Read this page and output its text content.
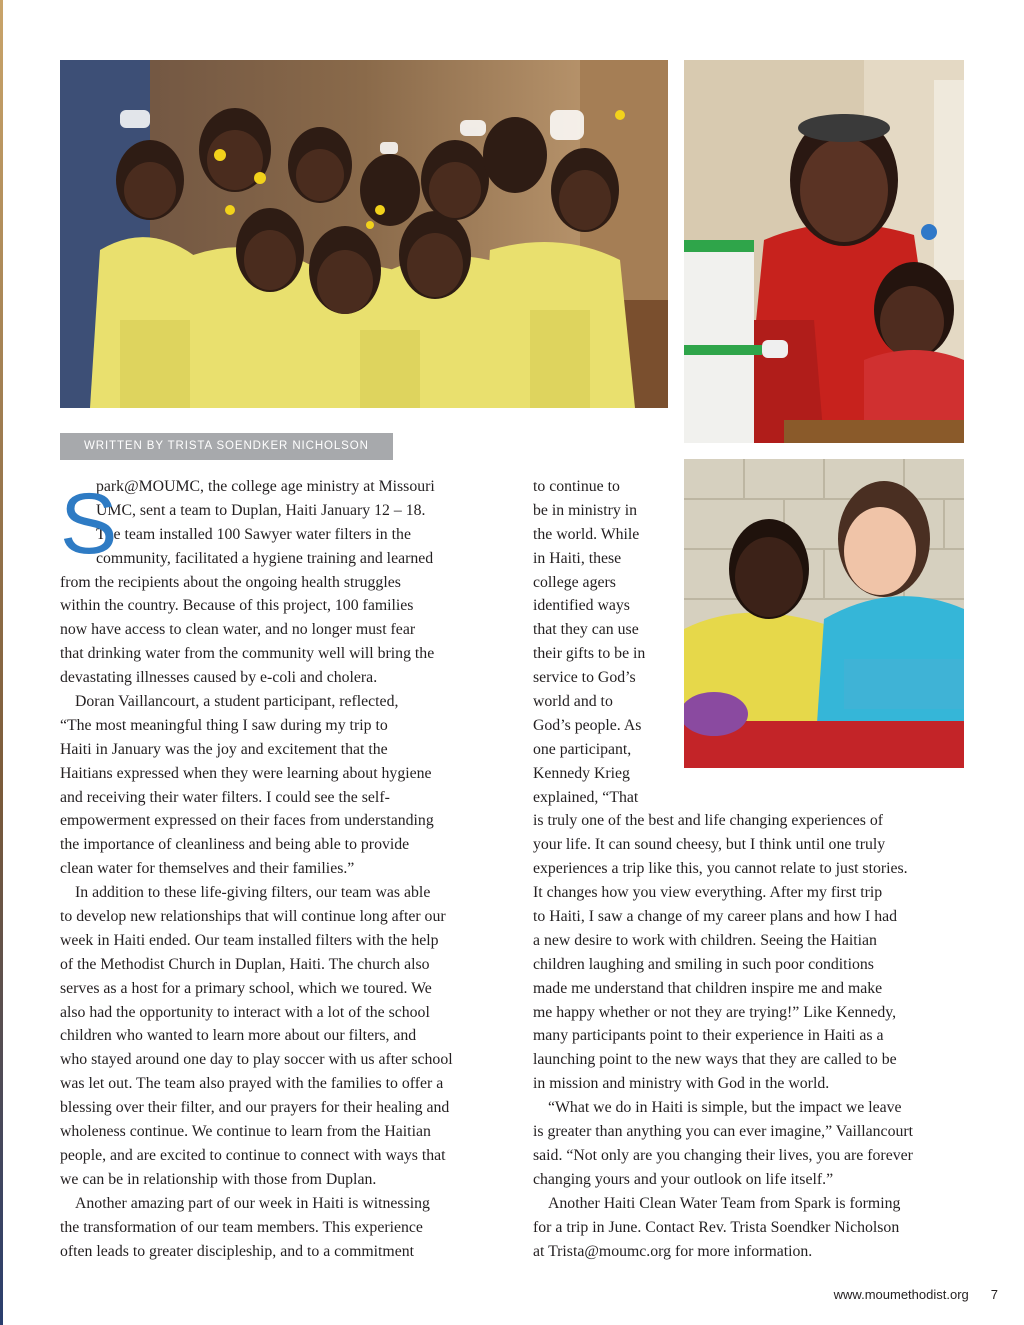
WRITTEN BY TRISTA SOENDKER NICHOLSON
S
park@MOUMC, the college age ministry at Missouri
UMC, sent a team to Duplan, Haiti January 12 – 18.
The team installed 100 Sawyer water filters in the
community, facilitated a hygiene training and learned
from the recipients about the ongoing health struggles
within the country. Because of this project, 100 families
now have access to clean water, and no longer must fear
that drinking water from the community well will bring the
devastating illnesses caused by e-coli and cholera.
Doran Vaillancourt, a student participant, reflected,
“The most meaningful thing I saw during my trip to
Haiti in January was the joy and excitement that the
Haitians expressed when they were learning about hygiene
and receiving their water filters. I could see the self-
empowerment expressed on their faces from understanding
the importance of cleanliness and being able to provide
clean water for themselves and their families.”
In addition to these life-giving filters, our team was able
to develop new relationships that will continue long after our
week in Haiti ended. Our team installed filters with the help
of the Methodist Church in Duplan, Haiti. The church also
serves as a host for a primary school, which we toured. We
also had the opportunity to interact with a lot of the school
children who wanted to learn more about our filters, and
who stayed around one day to play soccer with us after school
was let out. The team also prayed with the families to offer a
blessing over their filter, and our prayers for their healing and
wholeness continue. We continue to learn from the Haitian
people, and are excited to continue to connect with ways that
we can be in relationship with those from Duplan.
Another amazing part of our week in Haiti is witnessing
the transformation of our team members. This experience
often leads to greater discipleship, and to a commitment
to continue to
be in ministry in
the world. While
in Haiti, these
college agers
identified ways
that they can use
their gifts to be in
service to God’s
world and to
God’s people. As
one participant,
Kennedy Krieg
explained, “That
is truly one of the best and life changing experiences of
your life. It can sound cheesy, but I think until one truly
experiences a trip like this, you cannot relate to just stories.
It changes how you view everything. After my first trip
to Haiti, I saw a change of my career plans and how I had
a new desire to work with children. Seeing the Haitian
children laughing and smiling in such poor conditions
made me understand that children inspire me and make
me happy whether or not they are trying!” Like Kennedy,
many participants point to their experience in Haiti as a
launching point to the new ways that they are called to be
in mission and ministry with God in the world.
“What we do in Haiti is simple, but the impact we leave
is greater than anything you can ever imagine,” Vaillancourt
said. “Not only are you changing their lives, you are forever
changing yours and your outlook on life itself.”
Another Haiti Clean Water Team from Spark is forming
for a trip in June. Contact Rev. Trista Soendker Nicholson
at Trista@moumc.org for more information.
www.moumethodist.org 7
